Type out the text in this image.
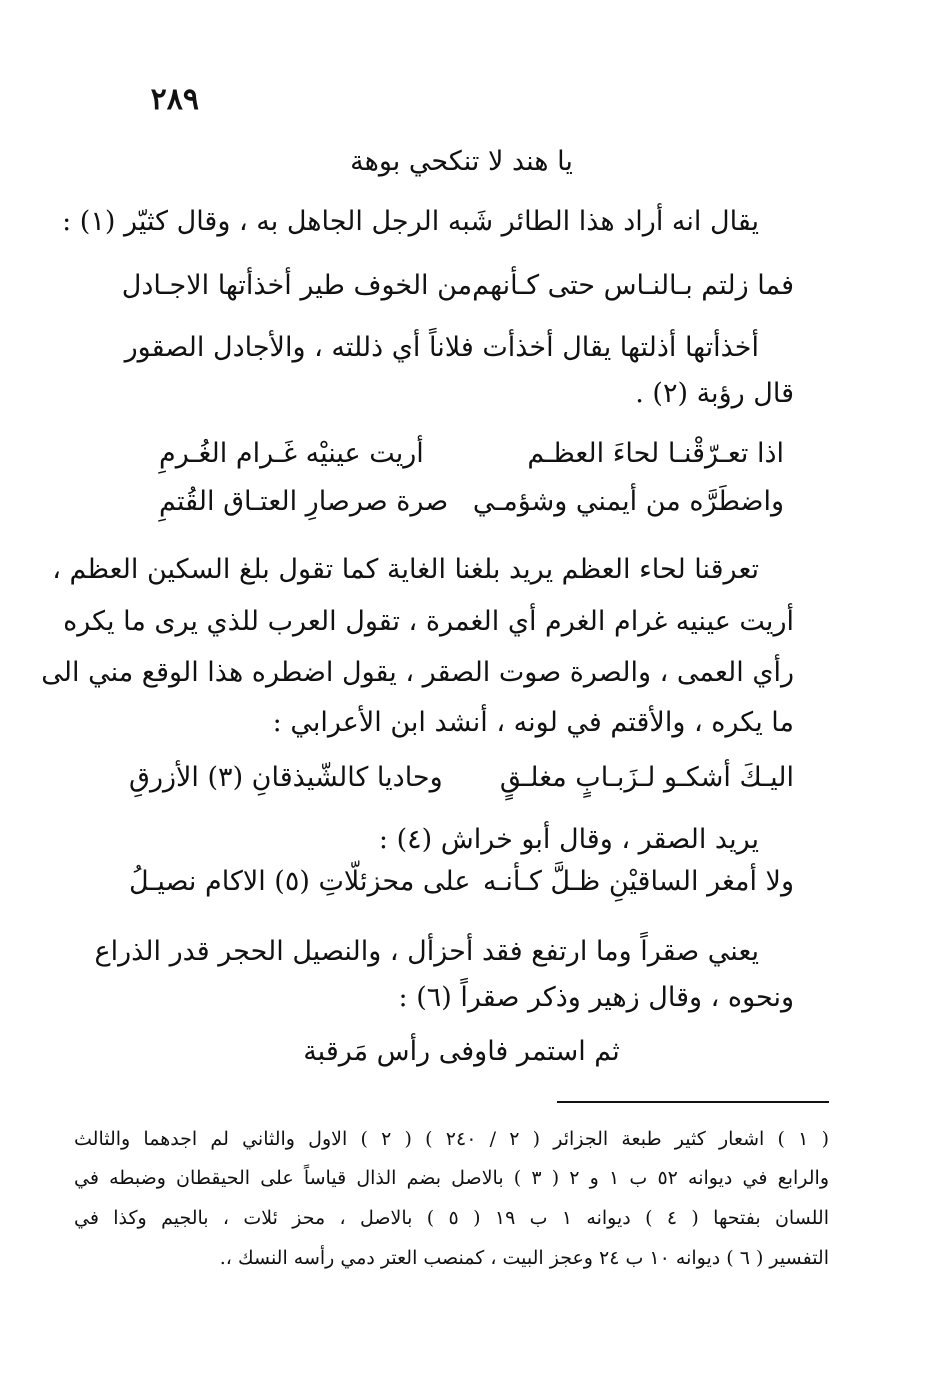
٢٨٩
يا هند لا تنكحي بوهة
يقال انه أراد هذا الطائر شَبه الرجل الجاهل به ، وقال كثيّر (١) :
فما زلتم بـالنـاس حتى كـأنهم
من الخوف طير أخذأتها الاجـادل
أخذأتها أذلتها يقال أخذأت فلاناً أي ذللته ، والأجادل الصقور
قال رؤبة (٢) .
اذا تعـرّقْنـا لحاءَ العظـم
أريت عينيْه غَـرام الغُـرمِ
واضطَرَّه من أيمني وشؤمـي
صرة صرصارِ العتـاق القُتمِ
تعرقنا لحاء العظم يريد بلغنا الغاية كما تقول بلغ السكين العظم ،
أريت عينيه غرام الغرم أي الغمرة ، تقول العرب للذي يرى ما يكره
رأي العمى ، والصرة صوت الصقر ، يقول اضطره هذا الوقع مني الى
ما يكره ، والأقتم في لونه ، أنشد ابن الأعرابي :
اليـكَ أشكـو لـزَبـابٍ مغلـقٍ
وحاديا كالشّيذقانِ (٣) الأزرقِ
يريد الصقر ، وقال أبو خراش (٤) :
ولا أمغر الساقيْنِ ظـلَّ كـأنـه
على محزئلّاتِ (٥) الاكام نصيـلُ
يعني صقراً وما ارتفع فقد أحزأل ، والنصيل الحجر قدر الذراع
ونحوه ، وقال زهير وذكر صقراً (٦) :
ثم استمر فاوفى رأس مَرقبة
( ١ ) اشعار كثير طبعة الجزائر ( ٢ / ٢٤٠ ) ( ٢ ) الاول والثاني لم اجدهما والثالث
والرابع في ديوانه ٥٢ ب ١ و ٢ ( ٣ ) بالاصل بضم الذال قياساً على الحيقطان وضبطه في
اللسان بفتحها ( ٤ ) ديوانه ١ ب ١٩ ( ٥ ) بالاصل ، محز ئلات ، بالجيم وكذا في
التفسير ( ٦ ) ديوانه ١٠ ب ٢٤ وعجز البيت ، كمنصب العتر دمي رأسه النسك ،.
